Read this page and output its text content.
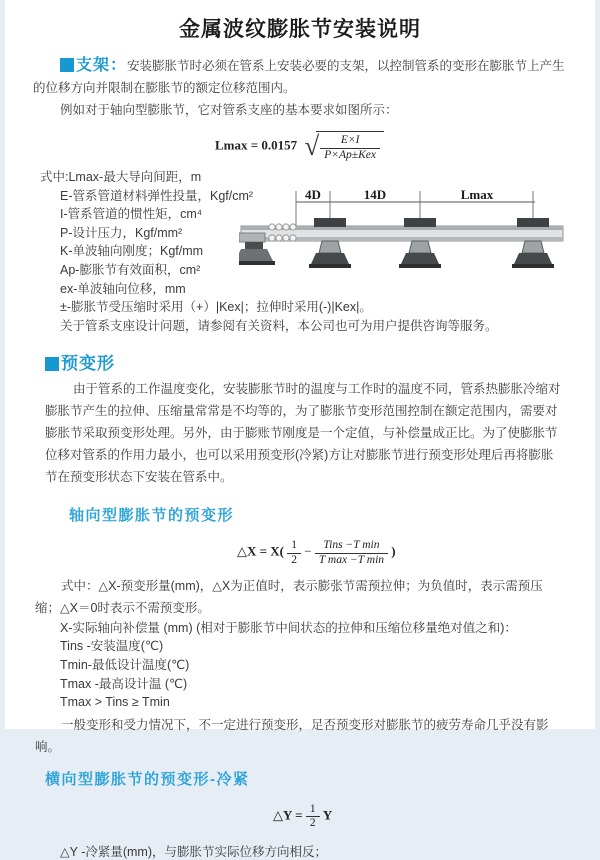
金属波纹膨胀节安装说明

支架：安装膨胀节时必须在管系上安装必要的支架，以控制管系的变形在膨胀节上产生的位移方向并限制在膨胀节的额定位移范围内。

例如对于轴向型膨胀节，它对管系支座的基本要求如图所示：

Lmax = 0.0157 √ $\frac{E\times I}{\text{P×Ap±Kex}}$
式中:Lmax-最大导向间距，m
E-管系管道材料弹性投量，Kgf/cm²
I-管系管道的惯性矩，cm⁴
P-设计压力，Kgf/mm²
K-单波轴向刚度；Kgf/mm
Ap-膨胀节有效面积，cm²
ex-单波轴向位移，mm
±-膨胀节受压缩时采用（+）|Kex|；拉伸时采用(-)|Kex|。
关于管系支座设计问题，请参阅有关资料，本公司也可为用户提供咨询等服务。
4D	14D	Lmax
预变形

由于管系的工作温度变化，安装膨胀节时的温度与工作时的温度不同，管系热膨胀冷缩对膨胀节产生的拉伸、压缩量常常是不均等的，为了膨胀节变形范围控制在额定范围内，需要对膨胀节采取预变形处理。另外，由于膨账节刚度是一个定值，与补偿量成正比。为了使膨胀节位移对管系的作用力最小，也可以采用预变形(冷紧)方让对膨胀节进行预变形处理后再将膨胀节在预变形状态下安装在管系中。

轴向型膨胀节的预变形
△X = $X( \frac{1}{2} - \frac{\text{Tins −T min}}{\text{T max −T min}}$ )

式中：△X-预变形量(mm)，△X为正值时，表示膨张节需预拉伸；为负值时，表示需预压缩；△X＝0时表示不需预变形。

X-实际轴向补偿量 (mm) (相对于膨胀节中间状态的拉伸和压缩位移量绝对值之和)：
Tins -安装温度(℃)
Tmin-最低设计温度(℃)
Tmax -最高设计温 (℃)
Tmax > Tins ≥ Tmin

一般变形和受力情况下，不一定进行预变形，足否预变形对膨胀节的疲劳寿命几乎没有影响。

横向型膨胀节的预变形-冷紧
△Y = $\frac{1}{2}$ Y
△Y -冷紧量(mm)，与膨胀节实际位移方向相反；
